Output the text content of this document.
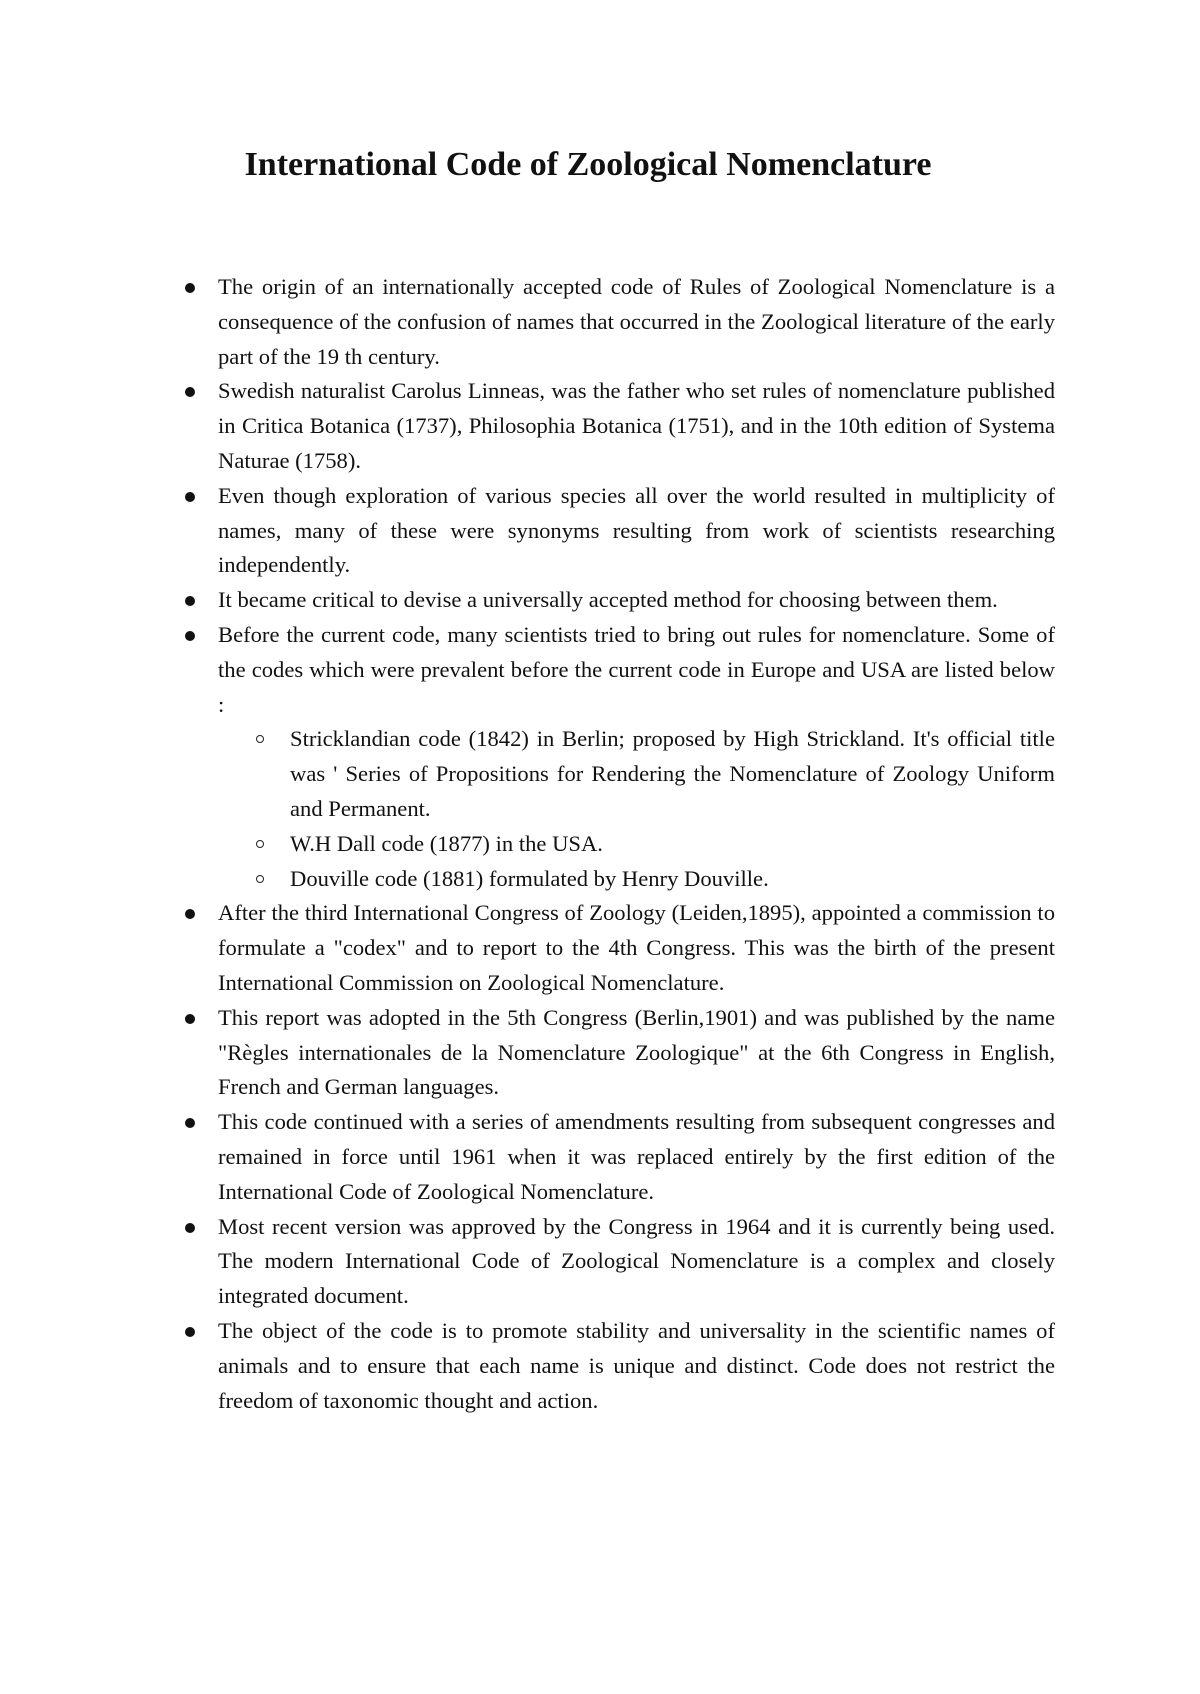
International Code of Zoological Nomenclature
The origin of an internationally accepted code of Rules of Zoological Nomenclature is a consequence of the confusion of names that occurred in the Zoological literature of the early part of the 19 th century.
Swedish naturalist Carolus Linneas, was the father who set rules of nomenclature published in Critica Botanica (1737), Philosophia Botanica (1751), and in the 10th edition of Systema Naturae (1758).
Even though exploration of various species all over the world resulted in multiplicity of names, many of these were synonyms resulting from work of scientists researching independently.
It became critical to devise a universally accepted method for choosing between them.
Before the current code, many scientists tried to bring out rules for nomenclature. Some of the codes which were prevalent before the current code in Europe and USA are listed below :
Stricklandian code (1842) in Berlin; proposed by High Strickland. It's official title was ' Series of Propositions for Rendering the Nomenclature of Zoology Uniform and Permanent.
W.H Dall code (1877) in the USA.
Douville code (1881) formulated by Henry Douville.
After the third International Congress of Zoology (Leiden,1895), appointed a commission to formulate a "codex" and to report to the 4th Congress. This was the birth of the present International Commission on Zoological Nomenclature.
This report was adopted in the 5th Congress (Berlin,1901) and was published by the name "Règles internationales de la Nomenclature Zoologique" at the 6th Congress in English, French and German languages.
This code continued with a series of amendments resulting from subsequent congresses and remained in force until 1961 when it was replaced entirely by the first edition of the International Code of Zoological Nomenclature.
Most recent version was approved by the Congress in 1964 and it is currently being used. The modern International Code of Zoological Nomenclature is a complex and closely integrated document.
The object of the code is to promote stability and universality in the scientific names of animals and to ensure that each name is unique and distinct. Code does not restrict the freedom of taxonomic thought and action.
